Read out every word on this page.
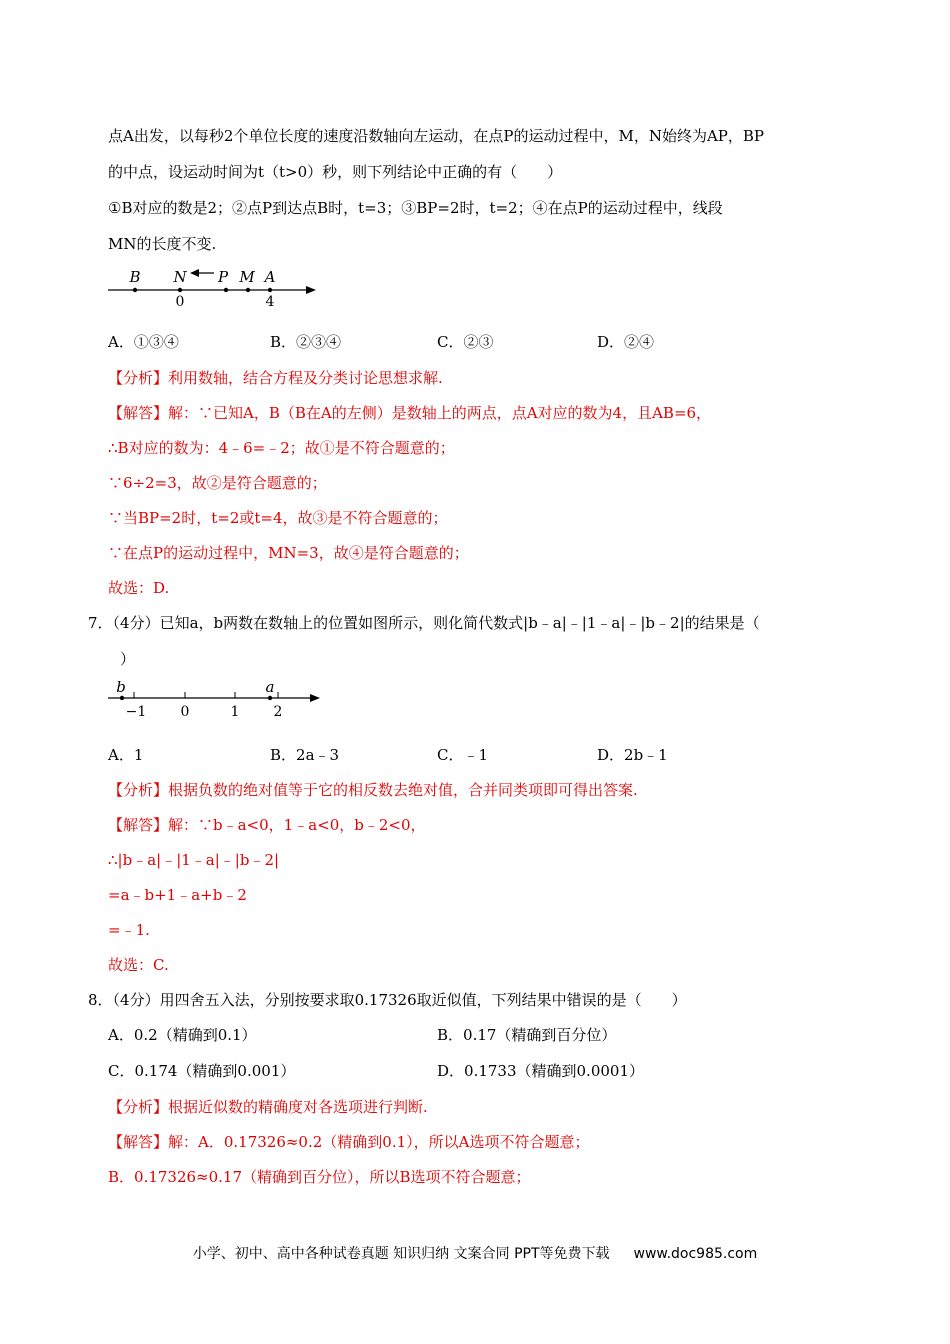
点A出发，以每秒2个单位长度的速度沿数轴向左运动，在点P的运动过程中，M，N始终为AP，BP
的中点，设运动时间为t（t>0）秒，则下列结论中正确的有（　　）
①B对应的数是2；②点P到达点B时，t=3；③BP=2时，t=2；④在点P的运动过程中，线段
MN的长度不变.
B N P M A
0	4
A．①③④	B．②③④	C．②③	D．②④
【分析】利用数轴，结合方程及分类讨论思想求解.
【解答】解：∵已知A，B（B在A的左侧）是数轴上的两点，点A对应的数为4，且AB=6，
∴B对应的数为：4﹣6=﹣2；故①是不符合题意的；
∵6÷2=3，故②是符合题意的；
∵当BP=2时，t=2或t=4，故③是不符合题意的；
∵在点P的运动过程中，MN=3，故④是符合题意的；
故选：D.
7．（4分）已知a，b两数在数轴上的位置如图所示，则化简代数式|b﹣a|﹣|1﹣a|﹣|b﹣2|的结果是（
）
b	a
−1 0	1 2
A．1	B．2a﹣3	C．﹣1	D．2b﹣1
【分析】根据负数的绝对值等于它的相反数去绝对值，合并同类项即可得出答案.
【解答】解：∵b﹣a<0，1﹣a<0，b﹣2<0，
∴|b﹣a|﹣|1﹣a|﹣|b﹣2|
=a﹣b+1﹣a+b﹣2
=﹣1.
故选：C.
8．（4分）用四舍五入法，分别按要求取0.17326取近似值，下列结果中错误的是（　　）
A．0.2（精确到0.1）	B．0.17（精确到百分位）
C．0.174（精确到0.001）	D．0.1733（精确到0.0001）
【分析】根据近似数的精确度对各选项进行判断.
【解答】解：A．0.17326≈0.2（精确到0.1），所以A选项不符合题意；
B．0.17326≈0.17（精确到百分位），所以B选项不符合题意；
小学、初中、高中各种试卷真题 知识归纳 文案合同 PPT等免费下载 www.doc985.com
